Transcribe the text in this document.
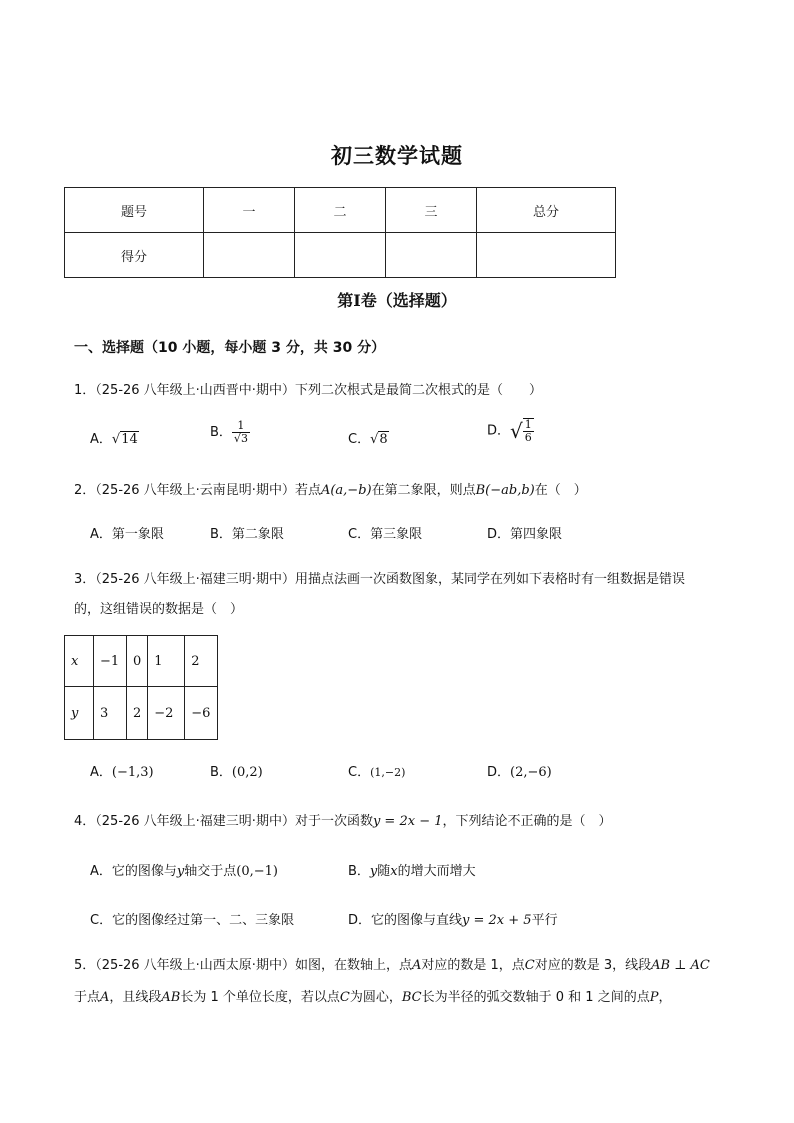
初三数学试题
题号	一	二	三	总分
得分				
第Ⅰ卷（选择题）
一、选择题（10 小题，每小题 3 分，共 30 分）
1．（25-26 八年级上·山西晋中·期中）下列二次根式是最简二次根式的是（　　）
A．√14	B． $\frac{1}{√3}$	C．√8
D．√ $\frac{1}{6}$
2．（25-26 八年级上·云南昆明·期中）若点A(a,−b)在第二象限，则点B(−ab,b)在（　）
A．第一象限	B．第二象限	C．第三象限	D．第四象限
3．（25-26 八年级上·福建三明·期中）用描点法画一次函数图象，某同学在列如下表格时有一组数据是错误
的，这组错误的数据是（　）
x	−1	0	1	2
y	3	2	−2	−6
A．(−1,3)	B．(0,2)	C．(1,−2)	D．(2,−6)
4．（25-26 八年级上·福建三明·期中）对于一次函数y = 2x − 1，下列结论不正确的是（　）
A．它的图像与y轴交于点(0,−1)	B．y随x的增大而增大
C．它的图像经过第一、二、三象限	D．它的图像与直线y = 2x + 5平行
5．（25-26 八年级上·山西太原·期中）如图，在数轴上，点A对应的数是 1，点C对应的数是 3，线段AB ⊥ AC
于点A，且线段AB长为 1 个单位长度，若以点C为圆心，BC长为半径的弧交数轴于 0 和 1 之间的点P，
